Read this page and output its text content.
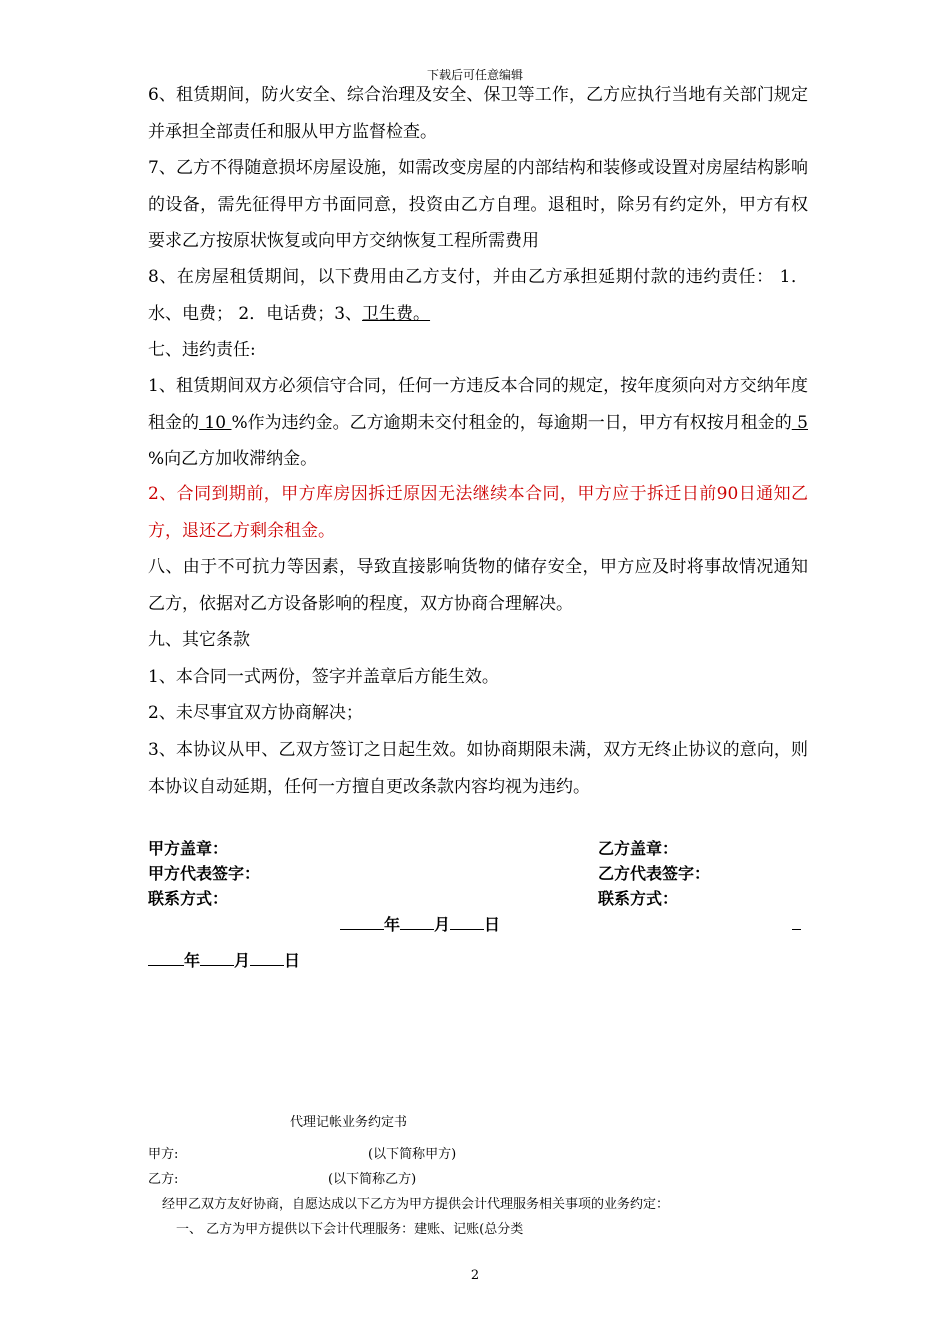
下载后可任意编辑

6、租赁期间，防火安全、综合治理及安全、保卫等工作，乙方应执行当地有关部门规定并承担全部责任和服从甲方监督检查。

7、乙方不得随意损坏房屋设施，如需改变房屋的内部结构和装修或设置对房屋结构影响的设备，需先征得甲方书面同意，投资由乙方自理。退租时，除另有约定外，甲方有权要求乙方按原状恢复或向甲方交纳恢复工程所需费用

8、在房屋租赁期间，以下费用由乙方支付，并由乙方承担延期付款的违约责任： 1．水、电费； 2．电话费；3、卫生费。

七、违约责任:

1、租赁期间双方必须信守合同，任何一方违反本合同的规定，按年度须向对方交纳年度租金的 10 %作为违约金。乙方逾期未交付租金的，每逾期一日，甲方有权按月租金的 5 %向乙方加收滞纳金。

2、合同到期前，甲方库房因拆迁原因无法继续本合同，甲方应于拆迁日前90日通知乙方，退还乙方剩余租金。

八、由于不可抗力等因素，导致直接影响货物的储存安全，甲方应及时将事故情况通知乙方，依据对乙方设备影响的程度，双方协商合理解决。

九、其它条款
1、本合同一式两份，签字并盖章后方能生效。
2、未尽事宜双方协商解决；

3、本协议从甲、乙双方签订之日起生效。如协商期限未满，双方无终止协议的意向，则本协议自动延期，任何一方擅自更改条款内容均视为违约。

甲方盖章：
甲方代表签字：
联系方式：
乙方盖章：
乙方代表签字：
联系方式：
年 月 日
年 月 日
代理记帐业务约定书
甲方:	(以下简称甲方)
乙方:	(以下简称乙方)
经甲乙双方友好协商，自愿达成以下乙方为甲方提供会计代理服务相关事项的业务约定：
一、 乙方为甲方提供以下会计代理服务：建账、记账(总分类
2
